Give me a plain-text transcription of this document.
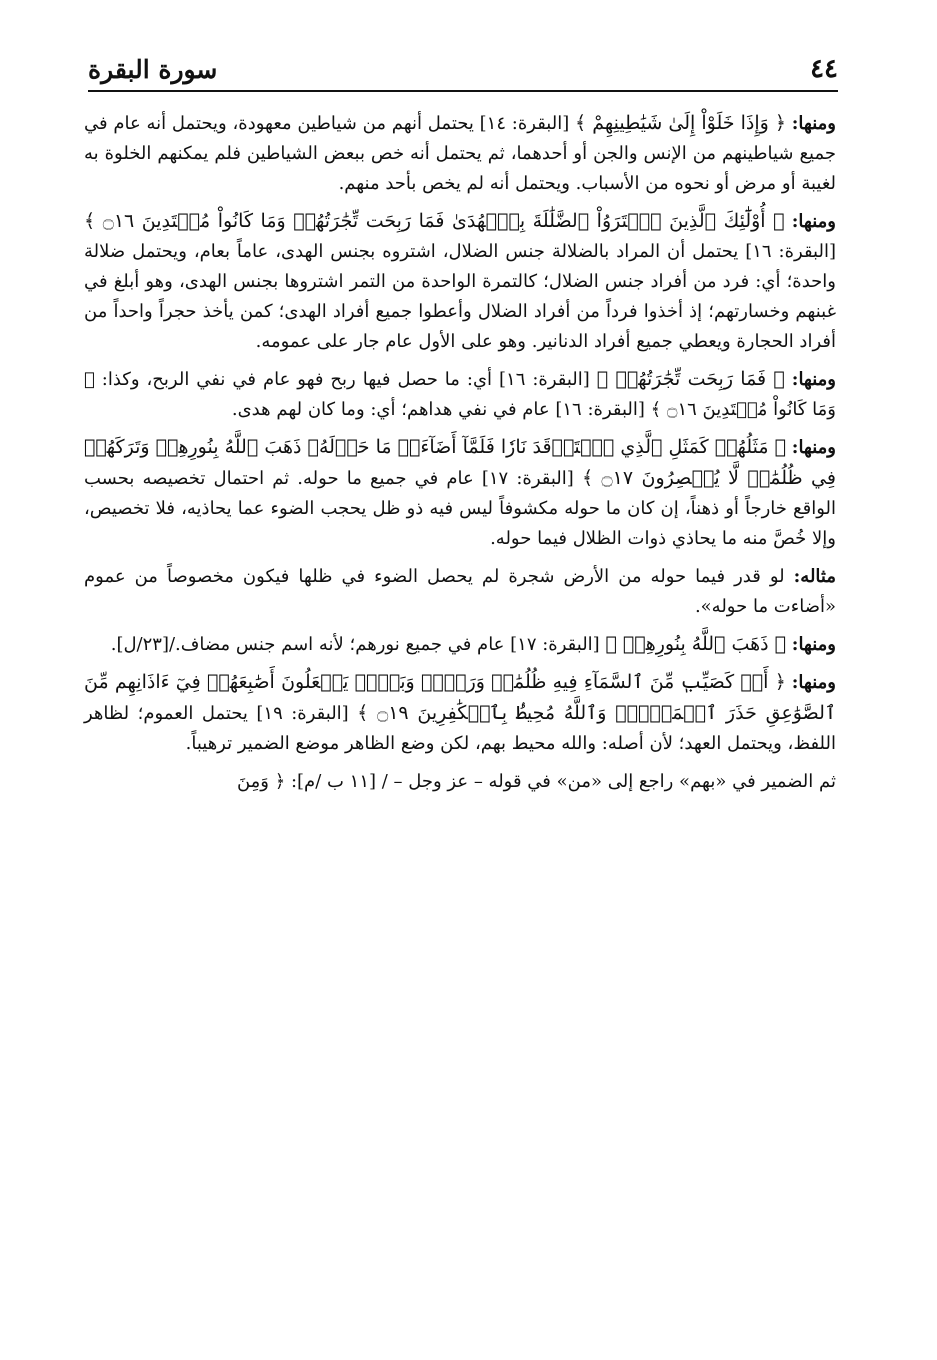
سورة البقرة	٤٤

ومنها: ﴿ وَإِذَا خَلَوْاْ إِلَىٰ شَيَٰطِينِهِمْ ﴾ [البقرة: ١٤] يحتمل أنهم من شياطين معهودة، ويحتمل أنه عام في جميع شياطينهم من الإنس والجن أو أحدهما، ثم يحتمل أنه خص ببعض الشياطين فلم يمكنهم الخلوة به لغيبة أو مرض أو نحوه من الأسباب. ويحتمل أنه لم يخص بأحد منهم.

ومنها: ﴿ أُوْلَٰٓئِكَ ٱلَّذِينَ ٱشۡتَرَوُاْ ٱلضَّلَٰلَةَ بِٱلۡهُدَىٰ فَمَا رَبِحَت تِّجَٰرَتُهُمۡ وَمَا كَانُواْ مُهۡتَدِينَ ۝١٦ ﴾ [البقرة: ١٦] يحتمل أن المراد بالضلالة جنس الضلال، اشتروه بجنس الهدى، عاماً بعام، ويحتمل ضلالة واحدة؛ أي: فرد من أفراد جنس الضلال؛ كالتمرة الواحدة من التمر اشتروها بجنس الهدى، وهو أبلغ في غبنهم وخسارتهم؛ إذ أخذوا فرداً من أفراد الضلال وأعطوا جميع أفراد الهدى؛ كمن يأخذ حجراً واحداً من أفراد الحجارة ويعطي جميع أفراد الدنانير. وهو على الأول عام جار على عمومه.

ومنها: ﴿ فَمَا رَبِحَت تِّجَٰرَتُهُمۡ ﴾ [البقرة: ١٦] أي: ما حصل فيها ربح فهو عام في نفي الربح، وكذا: ﴿ وَمَا كَانُواْ مُهۡتَدِينَ ۝١٦ ﴾ [البقرة: ١٦] عام في نفي هداهم؛ أي: وما كان لهم هدى.

ومنها: ﴿ مَثَلُهُمۡ كَمَثَلِ ٱلَّذِي ٱسۡتَوۡقَدَ نَارٗا فَلَمَّآ أَضَآءَتۡ مَا حَوۡلَهُۥ ذَهَبَ ٱللَّهُ بِنُورِهِمۡ وَتَرَكَهُمۡ فِي ظُلُمَٰتٖ لَّا يُبۡصِرُونَ ۝١٧ ﴾ [البقرة: ١٧] عام في جميع ما حوله. ثم احتمال تخصيصه بحسب الواقع خارجاً أو ذهناً، إن كان ما حوله مكشوفاً ليس فيه ذو ظل يحجب الضوء عما يحاذيه، فلا تخصيص، وإلا خُصَّ منه ما يحاذي ذوات الظلال فيما حوله.

مثاله: لو قدر فيما حوله من الأرض شجرة لم يحصل الضوء في ظلها فيكون مخصوصاً من عموم «أضاءت ما حوله».

ومنها: ﴿ ذَهَبَ ٱللَّهُ بِنُورِهِمۡ ﴾ [البقرة: ١٧] عام في جميع نورهم؛ لأنه اسم جنس مضاف./[٢٣/ل].

ومنها: ﴿ أَوۡ كَصَيِّبٖ مِّنَ ٱلسَّمَآءِ فِيهِ ظُلُمَٰتٞ وَرَعۡدٞ وَبَرۡقٞ يَجۡعَلُونَ أَصَٰبِعَهُمۡ فِيٓ ءَاذَانِهِم مِّنَ ٱلصَّوَٰعِقِ حَذَرَ ٱلۡمَوۡتِۚ وَٱللَّهُ مُحِيطُۢ بِٱلۡكَٰفِرِينَ ۝١٩ ﴾ [البقرة: ١٩] يحتمل العموم؛ لظاهر اللفظ، ويحتمل العهد؛ لأن أصله: والله محيط بهم، لكن وضع الظاهر موضع الضمير ترهيباً.

ثم الضمير في «بهم» راجع إلى «من» في قوله – عز وجل – / [١١ ب /م]: ﴿ وَمِنَ
